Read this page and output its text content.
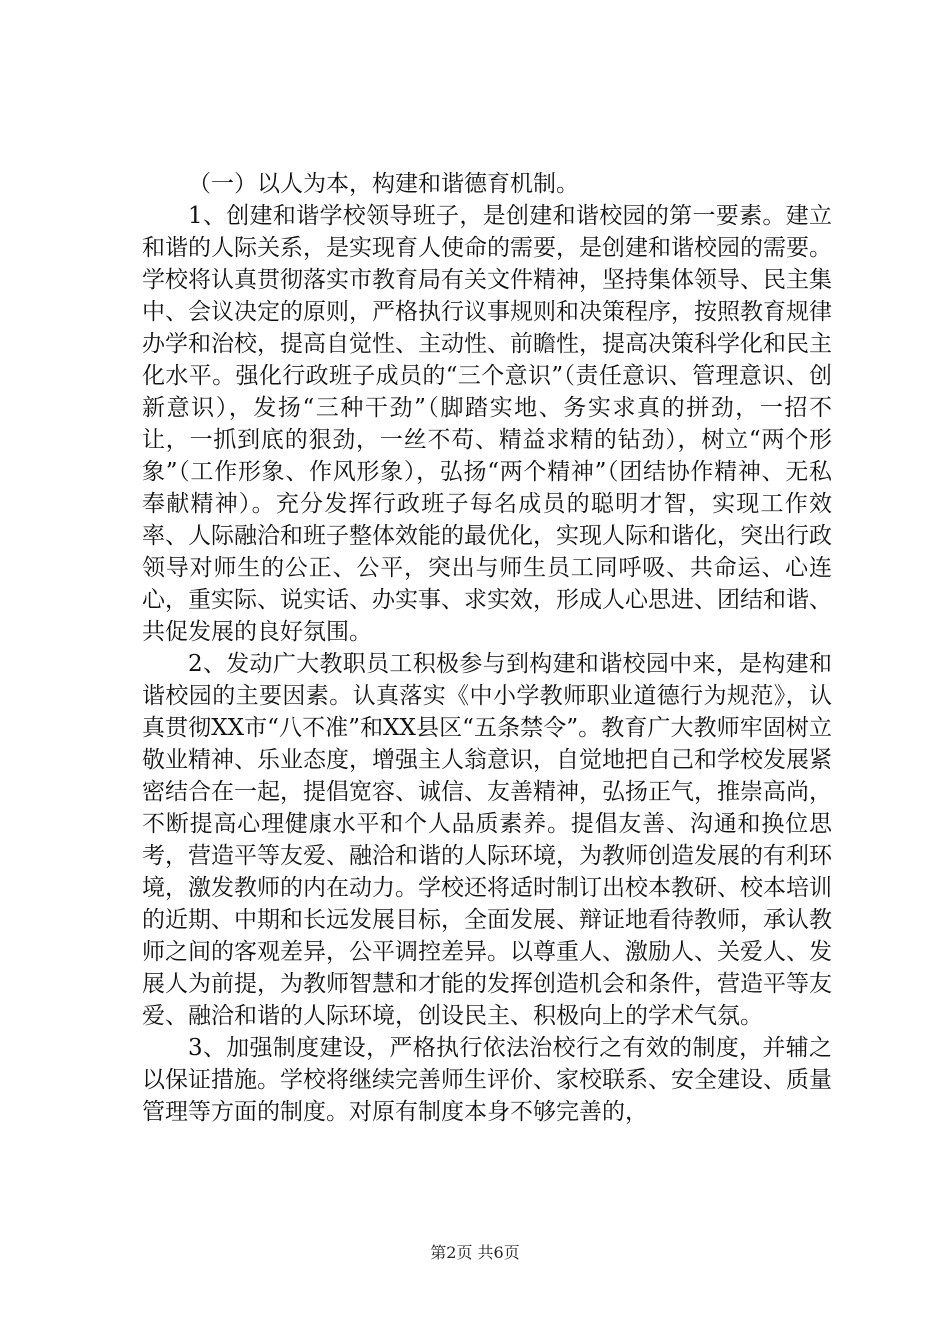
（一）以人为本，构建和谐德育机制。

1、创建和谐学校领导班子，是创建和谐校园的第一要素。建立和谐的人际关系，是实现育人使命的需要，是创建和谐校园的需要。学校将认真贯彻落实市教育局有关文件精神，坚持集体领导、民主集中、会议决定的原则，严格执行议事规则和决策程序，按照教育规律办学和治校，提高自觉性、主动性、前瞻性，提高决策科学化和民主化水平。强化行政班子成员的“三个意识”（责任意识、管理意识、创新意识），发扬“三种干劲”（脚踏实地、务实求真的拼劲，一招不让，一抓到底的狠劲，一丝不苟、精益求精的钻劲），树立“两个形象”（工作形象、作风形象），弘扬“两个精神”（团结协作精神、无私奉献精神）。充分发挥行政班子每名成员的聪明才智，实现工作效率、人际融洽和班子整体效能的最优化，实现人际和谐化，突出行政领导对师生的公正、公平，突出与师生员工同呼吸、共命运、心连心，重实际、说实话、办实事、求实效，形成人心思进、团结和谐、共促发展的良好氛围。

2、发动广大教职员工积极参与到构建和谐校园中来，是构建和谐校园的主要因素。认真落实《中小学教师职业道德行为规范》，认真贯彻XX市“八不准”和XX县区“五条禁令”。教育广大教师牢固树立敬业精神、乐业态度，增强主人翁意识，自觉地把自己和学校发展紧密结合在一起，提倡宽容、诚信、友善精神，弘扬正气，推崇高尚，不断提高心理健康水平和个人品质素养。提倡友善、沟通和换位思考，营造平等友爱、融洽和谐的人际环境，为教师创造发展的有利环境，激发教师的内在动力。学校还将适时制订出校本教研、校本培训的近期、中期和长远发展目标，全面发展、辩证地看待教师，承认教师之间的客观差异，公平调控差异。以尊重人、激励人、关爱人、发展人为前提，为教师智慧和才能的发挥创造机会和条件，营造平等友爱、融洽和谐的人际环境，创设民主、积极向上的学术气氛。

3、加强制度建设，严格执行依法治校行之有效的制度，并辅之以保证措施。学校将继续完善师生评价、家校联系、安全建设、质量管理等方面的制度。对原有制度本身不够完善的，

第2页 共6页
